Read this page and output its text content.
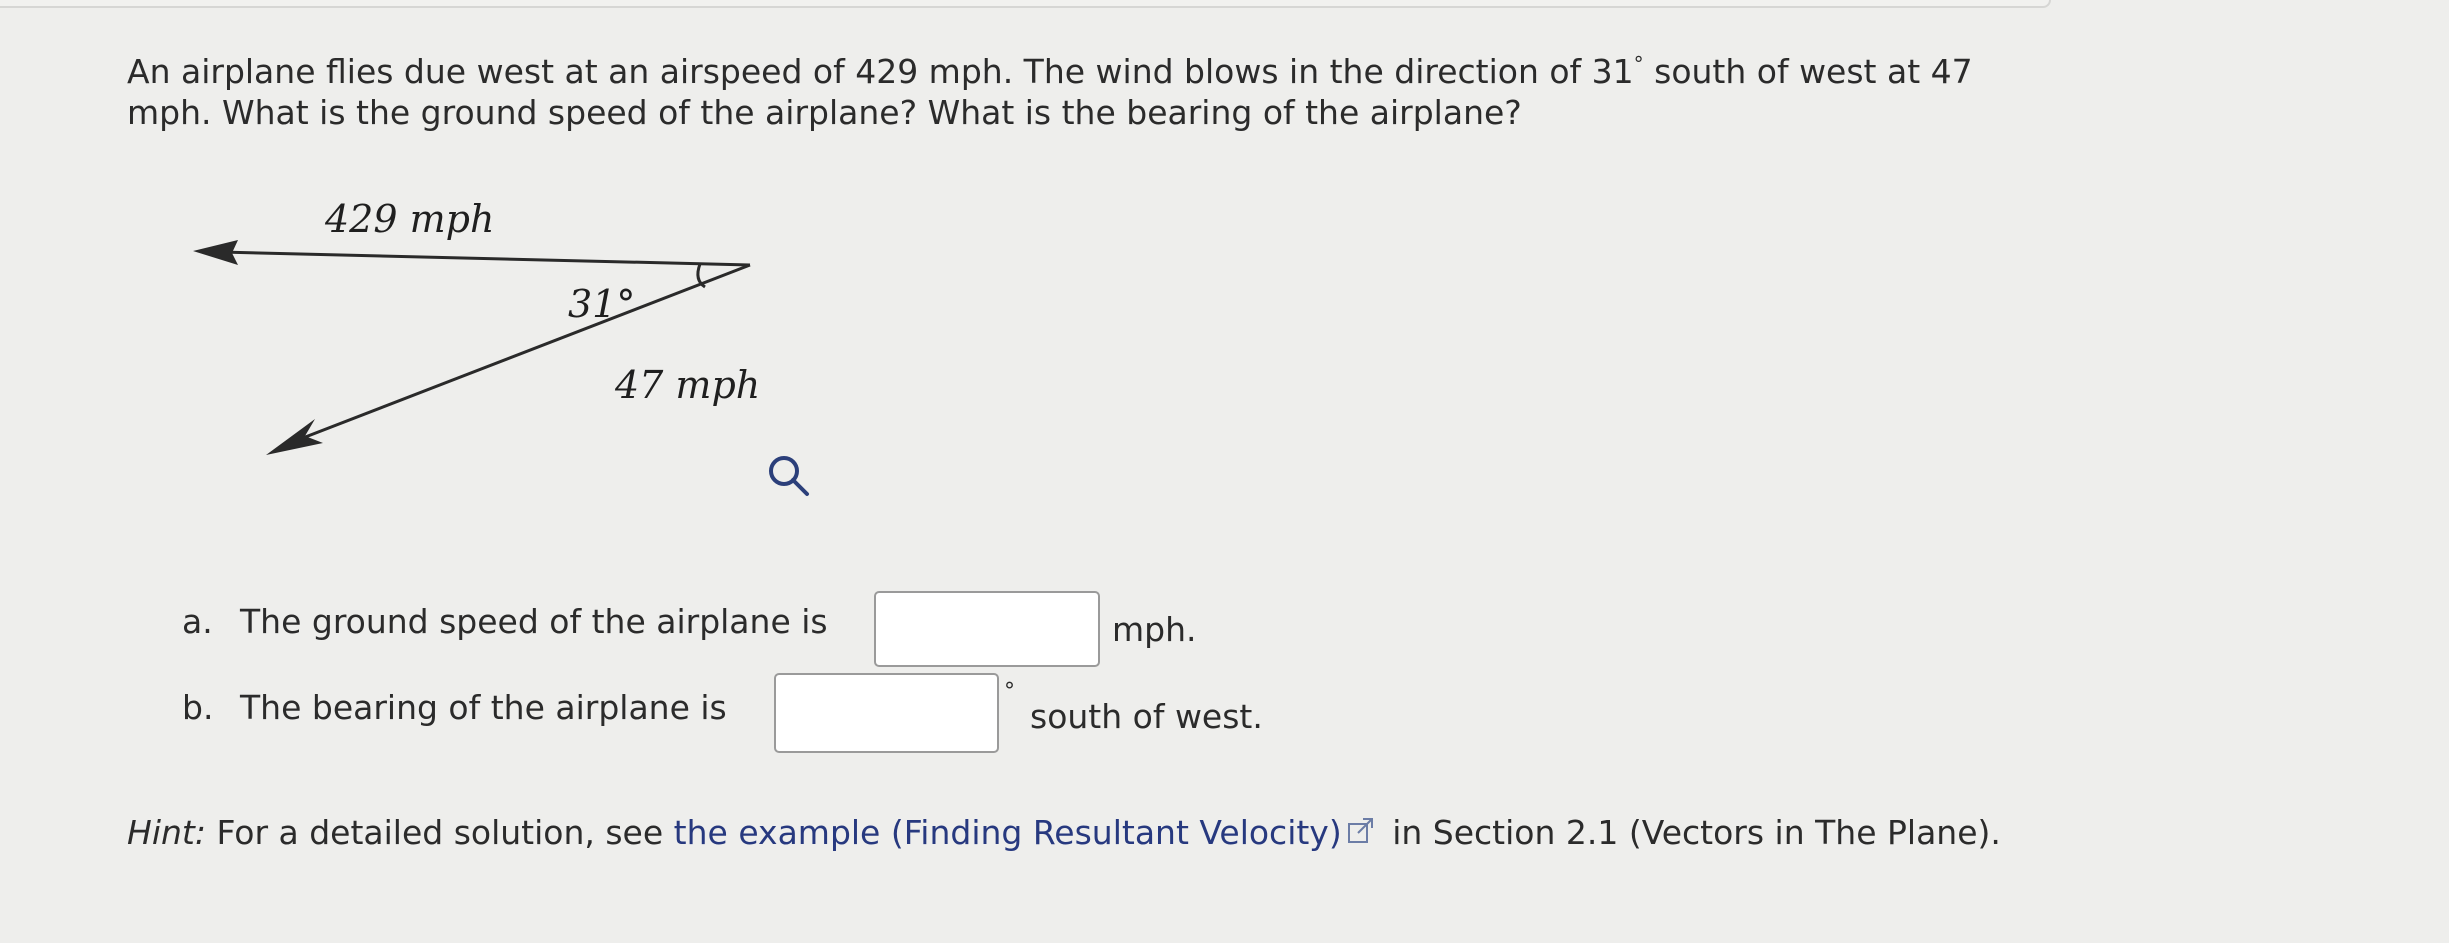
An airplane flies due west at an airspeed of 429 mph. The wind blows in the direction of 31° south of west at 47 mph. What is the ground speed of the airplane? What is the bearing of the airplane?

429 mph
31°
47 mph
a. The ground speed of the airplane is	mph.
b. The bearing of the airplane is	°
south of west.

Hint: For a detailed solution, see the example (Finding Resultant Velocity) in Section 2.1 (Vectors in The Plane).
